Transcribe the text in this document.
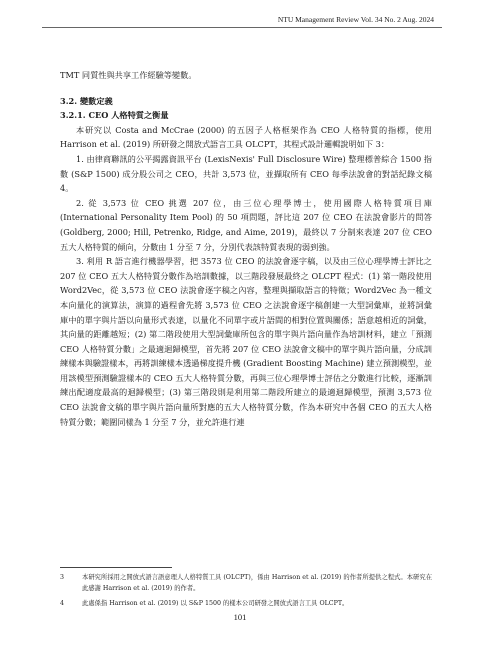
NTU Management Review Vol. 34 No. 2 Aug. 2024

TMT 同質性與共享工作經驗等變數。

3.2. 變數定義

3.2.1. CEO 人格特質之衡量

本研究以 Costa and McCrae (2000) 的五因子人格框架作為 CEO 人格特質的指標，使用 Harrison et al. (2019) 所研發之開放式語言工具 OLCPT，其程式設計邏輯說明如下 3：

1. 由律商聯訊的公平揭露資訊平台 (LexisNexis' Full Disclosure Wire) 整理標普綜合 1500 指數 (S&P 1500) 成分股公司之 CEO，共計 3,573 位，並擷取所有 CEO 每季法說會的對話紀錄文稿 4。

2. 從 3,573 位 CEO 挑選 207 位，由三位心理學博士，使用國際人格特質項目庫 (International Personality Item Pool) 的 50 項問題，評比這 207 位 CEO 在法說會影片的問答 (Goldberg, 2000; Hill, Petrenko, Ridge, and Aime, 2019)，最終以 7 分制來表達 207 位 CEO 五大人格特質的傾向，分數由 1 分至 7 分，分別代表該特質表現的弱到強。

3. 利用 R 語言進行機器學習，把 3573 位 CEO 的法說會逐字稿，以及由三位心理學博士評比之 207 位 CEO 五大人格特質分數作為培訓數據，以三階段發展最終之 OLCPT 程式：(1) 第一階段使用 Word2Vec，從 3,573 位 CEO 法說會逐字稿之內容，整理與擷取語言的特徵；Word2Vec 為一種文本向量化的演算法，演算的過程會先將 3,573 位 CEO 之法說會逐字稿創建一大型詞彙庫，並將詞彙庫中的單字與片語以向量形式表達，以量化不同單字或片語間的相對位置與關係；語意越相近的詞彙，其向量的距離越短；(2) 第二階段使用大型詞彙庫所包含的單字與片語向量作為培訓材料，建立「預測 CEO 人格特質分數」之最適迴歸模型，首先將 207 位 CEO 法說會文稿中的單字與片語向量，分成訓練樣本與驗證樣本，再將訓練樣本透過梯度提升機 (Gradient Boosting Machine) 建立預測模型，並用該模型預測驗證樣本的 CEO 五大人格特質分數，再與三位心理學博士評估之分數進行比較，逐漸訓練出配適度最高的迴歸模型；(3) 第三階段則是利用第二階段所建立的最適迴歸模型，預測 3,573 位 CEO 法說會文稿的單字與片語向量所對應的五大人格特質分數，作為本研究中各個 CEO 的五大人格特質分數；範圍同樣為 1 分至 7 分，並允許進行連

3	本研究所採用之開放式語言語意理人人格特質工具 (OLCPT)，係由 Harrison et al. (2019) 的作者所提供之程式。本研究在此感謝 Harrison et al. (2019) 的作者。
4	此處係指 Harrison et al. (2019) 以 S&P 1500 的樣本公司研發之開放式語言工具 OLCPT。
101
